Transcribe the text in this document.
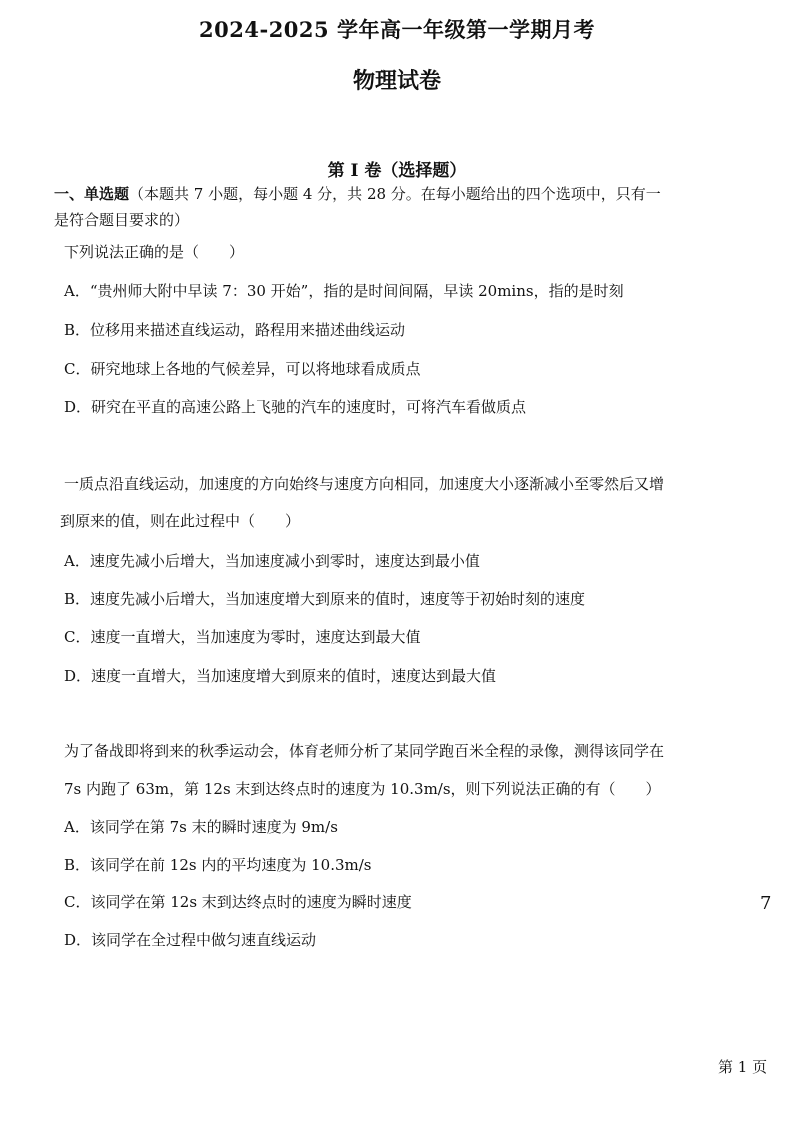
2024-2025 学年高一年级第一学期月考
物理试卷
第 I 卷（选择题）
一、单选题（本题共 7 小题，每小题 4 分，共 28 分。在每小题给出的四个选项中，只有一
是符合题目要求的）
下列说法正确的是（　　）
A．“贵州师大附中早读 7：30 开始”，指的是时间间隔，早读 20mins，指的是时刻
B．位移用来描述直线运动，路程用来描述曲线运动
C．研究地球上各地的气候差异，可以将地球看成质点
D．研究在平直的高速公路上飞驰的汽车的速度时，可将汽车看做质点
一质点沿直线运动，加速度的方向始终与速度方向相同，加速度大小逐渐减小至零然后又增
到原来的值，则在此过程中（　　）
A．速度先减小后增大，当加速度减小到零时，速度达到最小值
B．速度先减小后增大，当加速度增大到原来的值时，速度等于初始时刻的速度
C．速度一直增大，当加速度为零时，速度达到最大值
D．速度一直增大，当加速度增大到原来的值时，速度达到最大值
为了备战即将到来的秋季运动会，体育老师分析了某同学跑百米全程的录像，测得该同学在
7s 内跑了 63m，第 12s 末到达终点时的速度为 10.3m/s，则下列说法正确的有（　　）
A．该同学在第 7s 末的瞬时速度为 9m/s
B．该同学在前 12s 内的平均速度为 10.3m/s
C．该同学在第 12s 末到达终点时的速度为瞬时速度
D．该同学在全过程中做匀速直线运动
7
第 1 页
